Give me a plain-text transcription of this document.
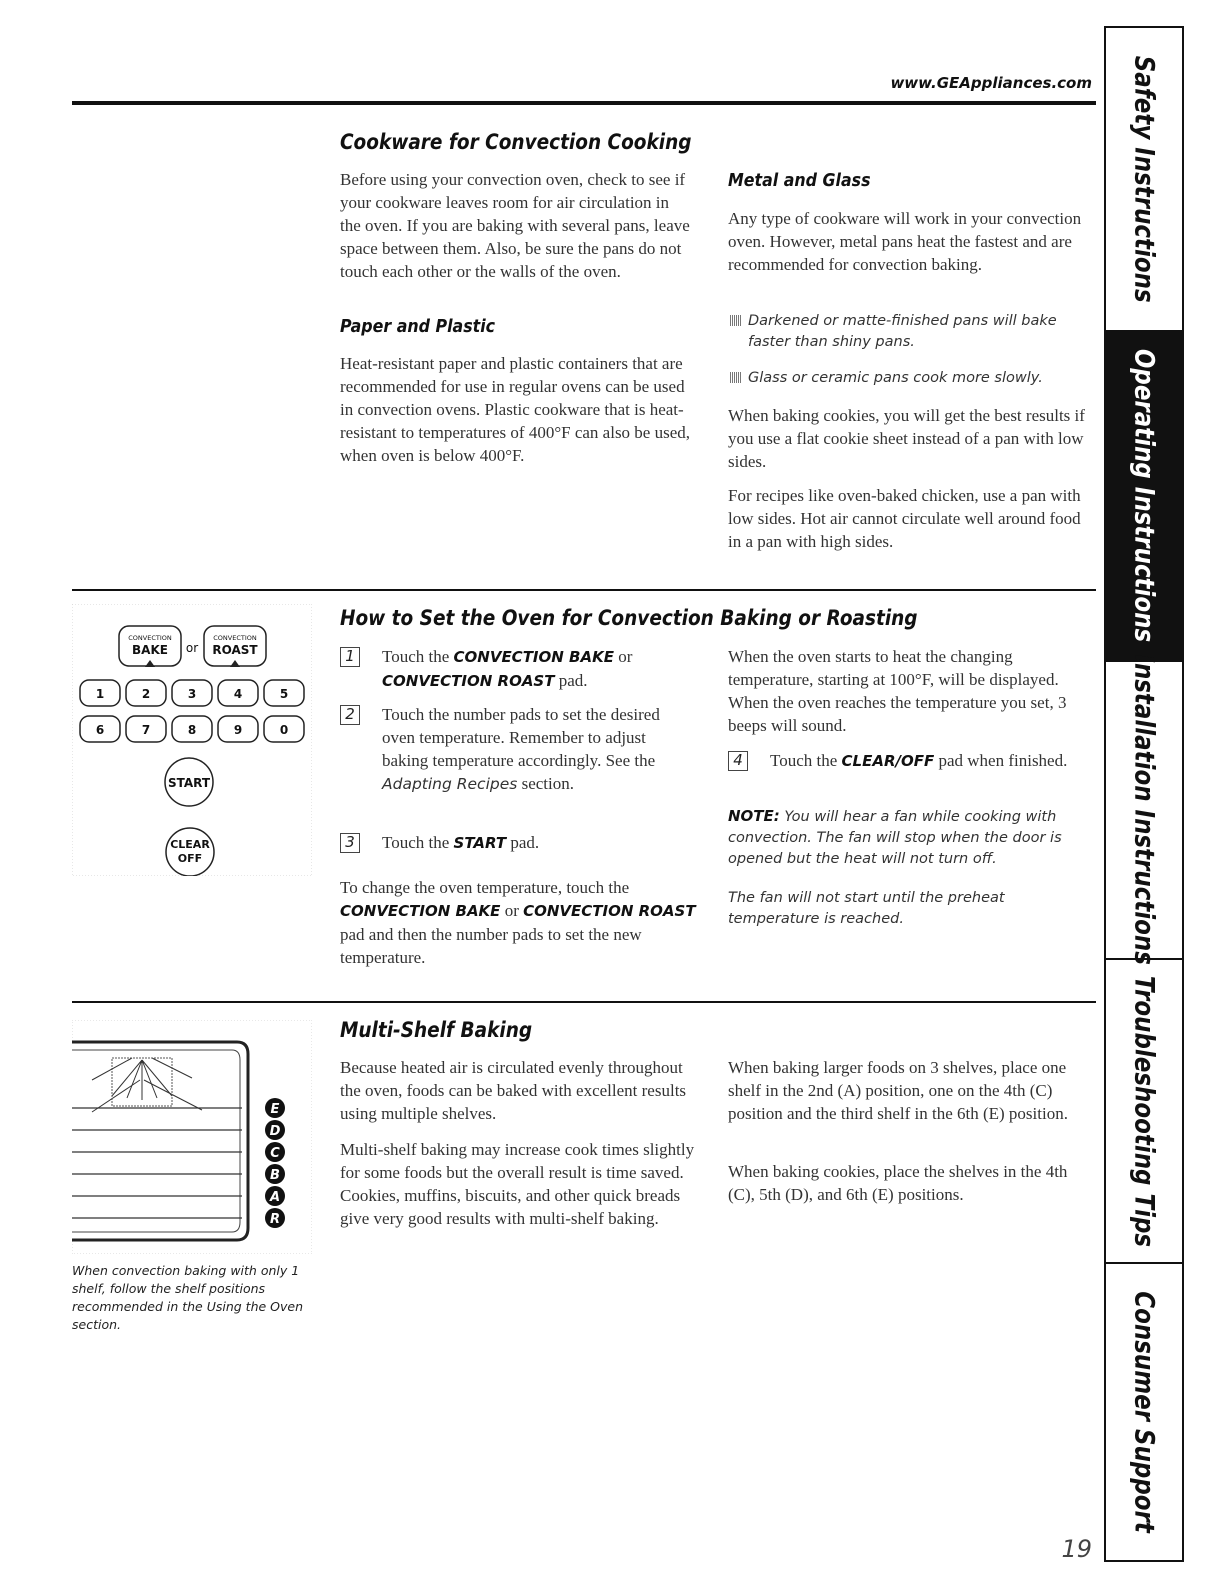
www.GEAppliances.com
Cookware for Convection Cooking

Before using your convection oven, check to see if your cookware leaves room for air circulation in the oven. If you are baking with several pans, leave space between them. Also, be sure the pans do not touch each other or the walls of the oven.

Paper and Plastic

Heat-resistant paper and plastic containers that are recommended for use in regular ovens can be used in convection ovens. Plastic cookware that is heat-resistant to temperatures of 400°F can also be used, when oven is below 400°F.

Metal and Glass

Any type of cookware will work in your convection oven. However, metal pans heat the fastest and are recommended for convection baking.

Darkened or matte-finished pans will bake faster than shiny pans.
Glass or ceramic pans cook more slowly.

When baking cookies, you will get the best results if you use a flat cookie sheet instead of a pan with low sides.

For recipes like oven-baked chicken, use a pan with low sides. Hot air cannot circulate well around food in a pan with high sides.

CONVECTION
BAKE
CONVECTION
ROAST
or
1	2	3	4	5
6	7	8	9	0
START
CLEAR
OFF
How to Set the Oven for Convection Baking or Roasting
1	Touch the CONVECTION BAKE or CONVECTION ROAST pad.
2	Touch the number pads to set the desired oven temperature. Remember to adjust baking temperature accordingly. See the Adapting Recipes section.
3	Touch the START pad.

To change the oven temperature, touch the CONVECTION BAKE or CONVECTION ROAST pad and then the number pads to set the new temperature.

When the oven starts to heat the changing temperature, starting at 100°F, will be displayed. When the oven reaches the temperature you set, 3 beeps will sound.

4	Touch the CLEAR/OFF pad when finished.
NOTE: You will hear a fan while cooking with convection. The fan will stop when the door is opened but the heat will not turn off.
The fan will not start until the preheat temperature is reached.
E
D
C
B
A
R
When convection baking with only 1 shelf, follow the shelf positions recommended in the Using the Oven section.
Multi-Shelf Baking

Because heated air is circulated evenly throughout the oven, foods can be baked with excellent results using multiple shelves.

Multi-shelf baking may increase cook times slightly for some foods but the overall result is time saved. Cookies, muffins, biscuits, and other quick breads give very good results with multi-shelf baking.

When baking larger foods on 3 shelves, place one shelf in the 2nd (A) position, one on the 4th (C) position and the third shelf in the 6th (E) position.

When baking cookies, place the shelves in the 4th (C), 5th (D), and 6th (E) positions.

Safety Instructions
Operating Instructions
Installation Instructions
Troubleshooting Tips
Consumer Support
19
